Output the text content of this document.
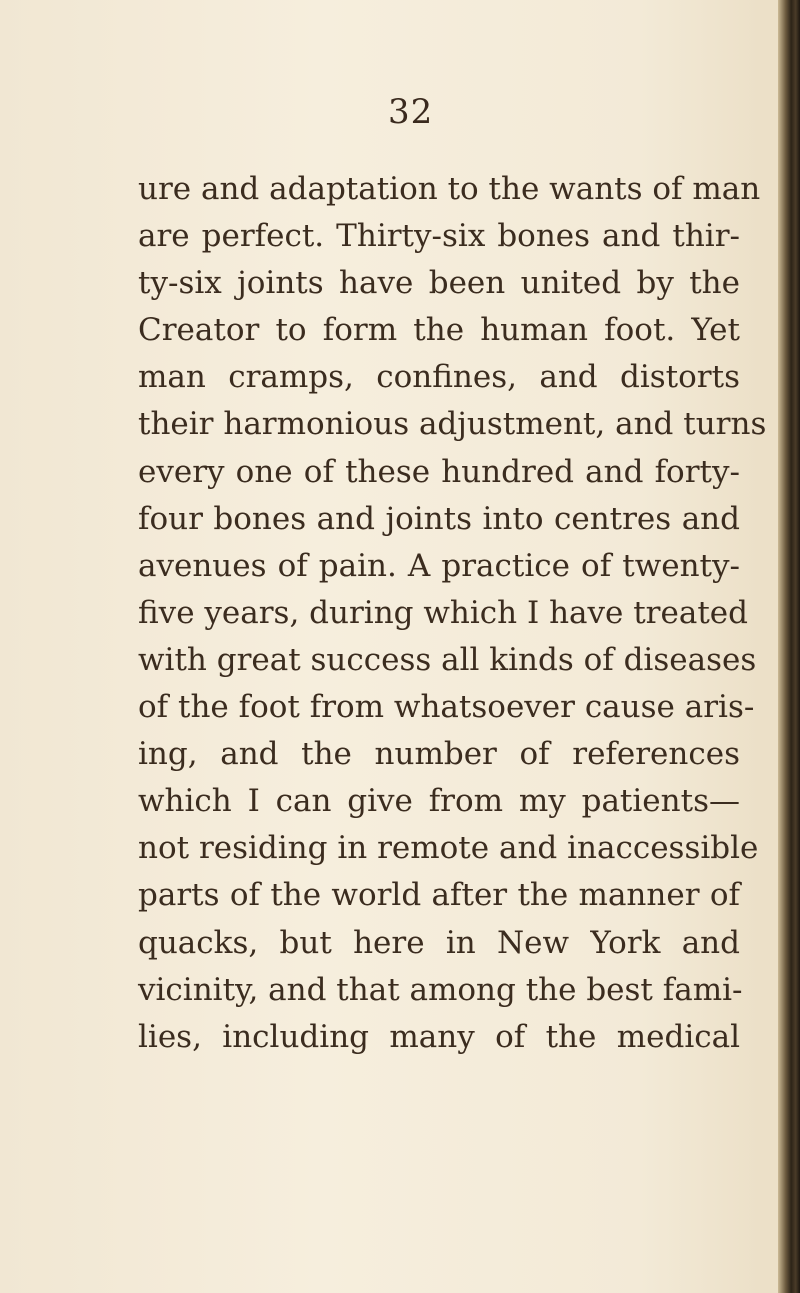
32
ure and adaptation to the wants of man
are perfect. Thirty-six bones and thir-
ty-six joints have been united by the
Creator to form the human foot. Yet
man cramps, confines, and distorts
their harmonious adjustment, and turns
every one of these hundred and forty-
four bones and joints into centres and
avenues of pain. A practice of twenty-
five years, during which I have treated
with great success all kinds of diseases
of the foot from whatsoever cause aris-
ing, and the number of references
which I can give from my patients—
not residing in remote and inaccessible
parts of the world after the manner of
quacks, but here in New York and
vicinity, and that among the best fami-
lies, including many of the medical
